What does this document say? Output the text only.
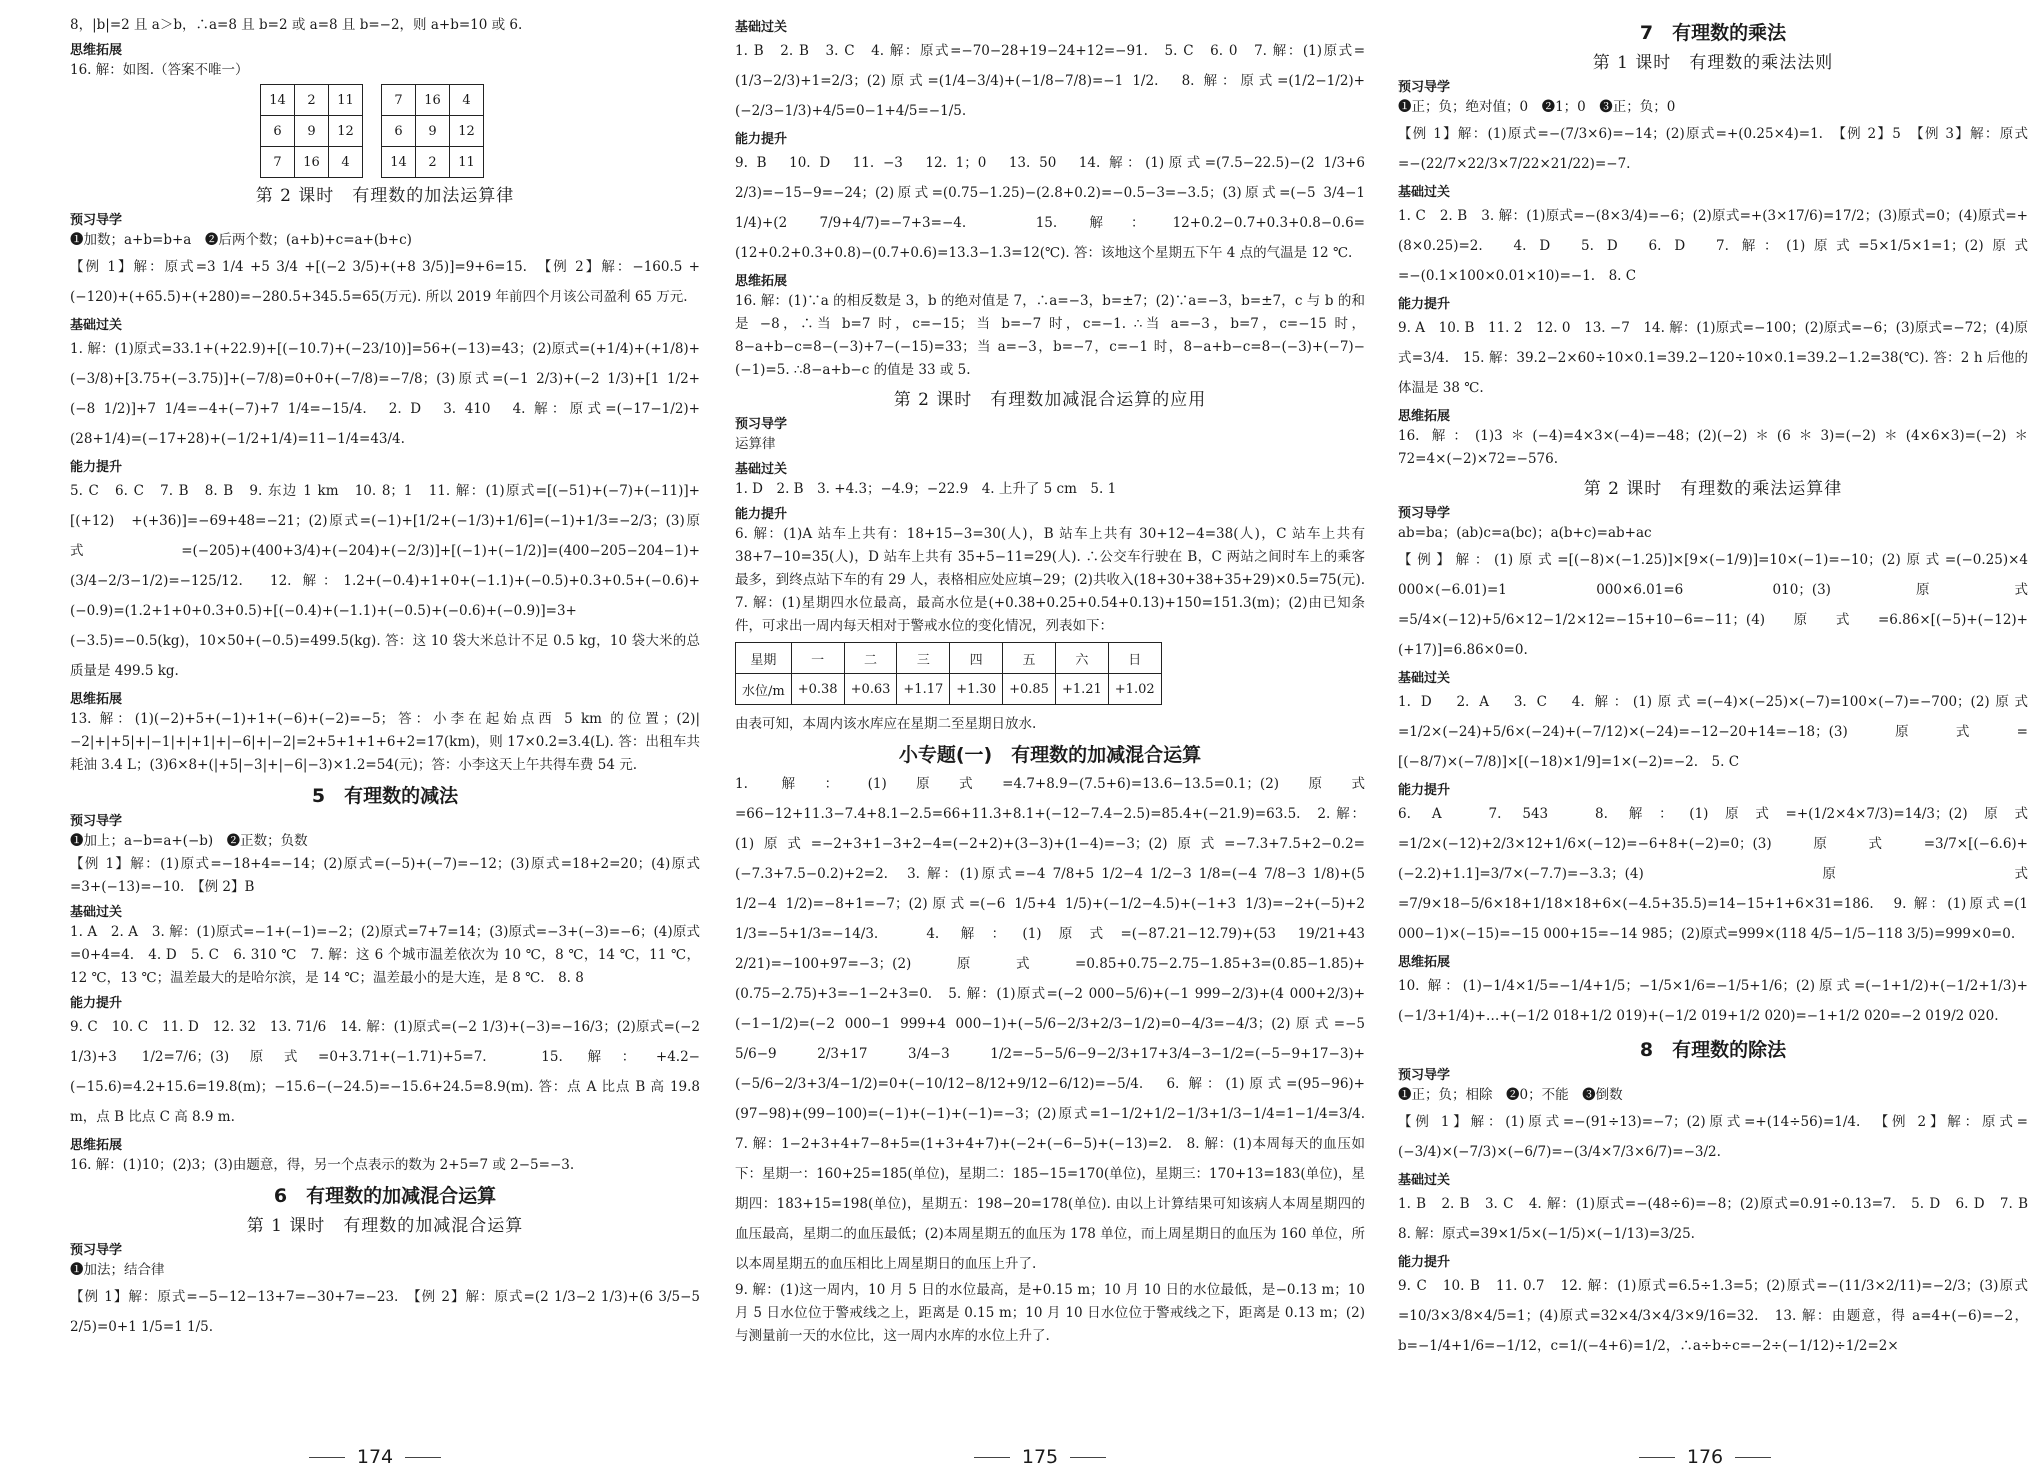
8，|b|=2 且 a＞b，∴a=8 且 b=2 或 a=8 且 b=−2，则 a+b=10 或 6.
思维拓展
16. 解：如图.（答案不唯一）
14	2	11
6	9	12
7	16	4
7	16	4
6	9	12
14	2	11
第 2 课时　有理数的加法运算律
预习导学
❶加数；a+b=b+a　❷后两个数；(a+b)+c=a+(b+c)
【例 1】解：原式=3 1/4 +5 3/4 +[(−2 3/5)+(+8 3/5)]=9+6=15.　【例 2】解：−160.5 +(−120)+(+65.5)+(+280)=−280.5+345.5=65(万元). 所以 2019 年前四个月该公司盈利 65 万元.
基础过关
1. 解：(1)原式=33.1+(+22.9)+[(−10.7)+(−23/10)]=56+(−13)=43；(2)原式=(+1/4)+(+1/8)+(−3/8)+[3.75+(−3.75)]+(−7/8)=0+0+(−7/8)=−7/8；(3)原式=(−1 2/3)+(−2 1/3)+[1 1/2+(−8 1/2)]+7 1/4=−4+(−7)+7 1/4=−15/4.　2. D　3. 410　4. 解：原式=(−17−1/2)+(28+1/4)=(−17+28)+(−1/2+1/4)=11−1/4=43/4.
能力提升
5. C　6. C　7. B　8. B　9. 东边 1 km　10. 8；1　11. 解：(1)原式=[(−51)+(−7)+(−11)]+[(+12)　+(+36)]=−69+48=−21；(2)原式=(−1)+[1/2+(−1/3)+1/6]=(−1)+1/3=−2/3；(3)原式=(−205)+(400+3/4)+(−204)+(−2/3)]+[(−1)+(−1/2)]=(400−205−204−1)+(3/4−2/3−1/2)=−125/12.　12. 解：1.2+(−0.4)+1+0+(−1.1)+(−0.5)+0.3+0.5+(−0.6)+(−0.9)=(1.2+1+0+0.3+0.5)+[(−0.4)+(−1.1)+(−0.5)+(−0.6)+(−0.9)]=3+(−3.5)=−0.5(kg)，10×50+(−0.5)=499.5(kg). 答：这 10 袋大米总计不足 0.5 kg，10 袋大米的总质量是 499.5 kg.
思维拓展
13. 解：(1)(−2)+5+(−1)+1+(−6)+(−2)=−5；答：小李在起始点西 5 km 的位置；(2)|−2|+|+5|+|−1|+|+1|+|−6|+|−2|=2+5+1+1+6+2=17(km)，则 17×0.2=3.4(L). 答：出租车共耗油 3.4 L；(3)6×8+(|+5|−3|+|−6|−3)×1.2=54(元)；答：小李这天上午共得车费 54 元.
5　有理数的减法
预习导学
❶加上；a−b=a+(−b)　❷正数；负数
【例 1】解：(1)原式=−18+4=−14；(2)原式=(−5)+(−7)=−12；(3)原式=18+2=20；(4)原式=3+(−13)=−10.　【例 2】B
基础过关
1. A　2. A　3. 解：(1)原式=−1+(−1)=−2；(2)原式=7+7=14；(3)原式=−3+(−3)=−6；(4)原式=0+4=4.　4. D　5. C　6. 310 ℃　7. 解：这 6 个城市温差依次为 10 ℃，8 ℃，14 ℃，11 ℃，12 ℃，13 ℃；温差最大的是哈尔滨，是 14 ℃；温差最小的是大连，是 8 ℃.　8. 8
能力提升
9. C　10. C　11. D　12. 32　13. 71/6　14. 解：(1)原式=(−2 1/3)+(−3)=−16/3；(2)原式=(−2 1/3)+3 1/2=7/6；(3)原式=0+3.71+(−1.71)+5=7.　15. 解：+4.2−(−15.6)=4.2+15.6=19.8(m)；−15.6−(−24.5)=−15.6+24.5=8.9(m). 答：点 A 比点 B 高 19.8 m，点 B 比点 C 高 8.9 m.
思维拓展
16. 解：(1)10；(2)3；(3)由题意，得，另一个点表示的数为 2+5=7 或 2−5=−3.
6　有理数的加减混合运算
第 1 课时　有理数的加减混合运算
预习导学
❶加法；结合律
【例 1】解：原式=−5−12−13+7=−30+7=−23.　【例 2】解：原式=(2 1/3−2 1/3)+(6 3/5−5 2/5)=0+1 1/5=1 1/5.
基础过关
1. B　2. B　3. C　4. 解：原式=−70−28+19−24+12=−91.　5. C　6. 0　7. 解：(1)原式=(1/3−2/3)+1=2/3；(2)原式=(1/4−3/4)+(−1/8−7/8)=−1 1/2.　8. 解：原式=(1/2−1/2)+(−2/3−1/3)+4/5=0−1+4/5=−1/5.
能力提升
9. B　10. D　11. −3　12. 1；0　13. 50　14. 解：(1)原式=(7.5−22.5)−(2 1/3+6 2/3)=−15−9=−24；(2)原式=(0.75−1.25)−(2.8+0.2)=−0.5−3=−3.5；(3)原式=(−5 3/4−1 1/4)+(2 7/9+4/7)=−7+3=−4.　15. 解：12+0.2−0.7+0.3+0.8−0.6=(12+0.2+0.3+0.8)−(0.7+0.6)=13.3−1.3=12(℃). 答：该地这个星期五下午 4 点的气温是 12 ℃.
思维拓展
16. 解：(1)∵a 的相反数是 3，b 的绝对值是 7，∴a=−3，b=±7；(2)∵a=−3，b=±7，c 与 b 的和是 −8，∴当 b=7 时，c=−15；当 b=−7 时，c=−1. ∴当 a=−3，b=7，c=−15 时，8−a+b−c=8−(−3)+7−(−15)=33；当 a=−3，b=−7，c=−1 时，8−a+b−c=8−(−3)+(−7)−(−1)=5. ∴8−a+b−c 的值是 33 或 5.
第 2 课时　有理数加减混合运算的应用
预习导学
运算律
基础过关
1. D　2. B　3. +4.3；−4.9；−22.9　4. 上升了 5 cm　5. 1
能力提升
6. 解：(1)A 站车上共有：18+15−3=30(人)，B 站车上共有 30+12−4=38(人)，C 站车上共有 38+7−10=35(人)，D 站车上共有 35+5−11=29(人). ∴公交车行驶在 B，C 两站之间时车上的乘客最多，到终点站下车的有 29 人，表格相应处应填−29；(2)共收入(18+30+38+35+29)×0.5=75(元).　7. 解：(1)星期四水位最高，最高水位是(+0.38+0.25+0.54+0.13)+150=151.3(m)；(2)由已知条件，可求出一周内每天相对于警戒水位的变化情况，列表如下：
星期	一	二	三	四	五	六	日
水位/m	+0.38	+0.63	+1.17	+1.30	+0.85	+1.21	+1.02
由表可知，本周内该水库应在星期二至星期日放水.
小专题(一)　有理数的加减混合运算
1. 解：(1)原式=4.7+8.9−(7.5+6)=13.6−13.5=0.1；(2)原式=66−12+11.3−7.4+8.1−2.5=66+11.3+8.1+(−12−7.4−2.5)=85.4+(−21.9)=63.5.　2. 解：(1)原式=−2+3+1−3+2−4=(−2+2)+(3−3)+(1−4)=−3；(2)原式=−7.3+7.5+2−0.2=(−7.3+7.5−0.2)+2=2.　3. 解：(1)原式=−4 7/8+5 1/2−4 1/2−3 1/8=(−4 7/8−3 1/8)+(5 1/2−4 1/2)=−8+1=−7；(2)原式=(−6 1/5+4 1/5)+(−1/2−4.5)+(−1+3 1/3)=−2+(−5)+2 1/3=−5+1/3=−14/3.　4. 解：(1)原式=(−87.21−12.79)+(53 19/21+43 2/21)=−100+97=−3；(2)原式=0.85+0.75−2.75−1.85+3=(0.85−1.85)+(0.75−2.75)+3=−1−2+3=0.　5. 解：(1)原式=(−2 000−5/6)+(−1 999−2/3)+(4 000+2/3)+(−1−1/2)=(−2 000−1 999+4 000−1)+(−5/6−2/3+2/3−1/2)=0−4/3=−4/3；(2)原式=−5 5/6−9 2/3+17 3/4−3 1/2=−5−5/6−9−2/3+17+3/4−3−1/2=(−5−9+17−3)+(−5/6−2/3+3/4−1/2)=0+(−10/12−8/12+9/12−6/12)=−5/4.　6. 解：(1)原式=(95−96)+(97−98)+(99−100)=(−1)+(−1)+(−1)=−3；(2)原式=1−1/2+1/2−1/3+1/3−1/4=1−1/4=3/4.　7. 解：1−2+3+4+7−8+5=(1+3+4+7)+(−2+(−6−5)+(−13)=2.　8. 解：(1)本周每天的血压如下：星期一：160+25=185(单位)，星期二：185−15=170(单位)，星期三：170+13=183(单位)，星期四：183+15=198(单位)，星期五：198−20=178(单位). 由以上计算结果可知该病人本周星期四的血压最高，星期二的血压最低；(2)本周星期五的血压为 178 单位，而上周星期日的血压为 160 单位，所以本周星期五的血压相比上周星期日的血压上升了.
9. 解：(1)这一周内，10 月 5 日的水位最高，是+0.15 m；10 月 10 日的水位最低，是−0.13 m；10 月 5 日水位位于警戒线之上，距离是 0.15 m；10 月 10 日水位位于警戒线之下，距离是 0.13 m；(2)与测量前一天的水位比，这一周内水库的水位上升了.
7　有理数的乘法
第 1 课时　有理数的乘法法则
预习导学
❶正；负；绝对值；0　❷1；0　❸正；负；0
【例 1】解：(1)原式=−(7/3×6)=−14；(2)原式=+(0.25×4)=1.　【例 2】5　【例 3】解：原式=−(22/7×22/3×7/22×21/22)=−7.
基础过关
1. C　2. B　3. 解：(1)原式=−(8×3/4)=−6；(2)原式=+(3×17/6)=17/2；(3)原式=0；(4)原式=+(8×0.25)=2.　4. D　5. D　6. D　7. 解：(1)原式=5×1/5×1=1；(2)原式=−(0.1×100×0.01×10)=−1.　8. C
能力提升
9. A　10. B　11. 2　12. 0　13. −7　14. 解：(1)原式=−100；(2)原式=−6；(3)原式=−72；(4)原式=3/4.　15. 解：39.2−2×60÷10×0.1=39.2−120÷10×0.1=39.2−1.2=38(℃). 答：2 h 后他的体温是 38 ℃.
思维拓展
16. 解：(1)3＊(−4)=4×3×(−4)=−48；(2)(−2)＊(6＊3)=(−2)＊(4×6×3)=(−2)＊72=4×(−2)×72=−576.
第 2 课时　有理数的乘法运算律
预习导学
ab=ba；(ab)c=a(bc)；a(b+c)=ab+ac
【例】解：(1)原式=[(−8)×(−1.25)]×[9×(−1/9)]=10×(−1)=−10；(2)原式=(−0.25)×4 000×(−6.01)=1 000×6.01=6 010；(3)原式=5/4×(−12)+5/6×12−1/2×12=−15+10−6=−11；(4)原式=6.86×[(−5)+(−12)+(+17)]=6.86×0=0.
基础过关
1. D　2. A　3. C　4. 解：(1)原式=(−4)×(−25)×(−7)=100×(−7)=−700；(2)原式=1/2×(−24)+5/6×(−24)+(−7/12)×(−24)=−12−20+14=−18；(3)原式=[(−8/7)×(−7/8)]×[(−18)×1/9]=1×(−2)=−2.　5. C
能力提升
6. A　7. 543　8. 解：(1)原式=+(1/2×4×7/3)=14/3；(2)原式=1/2×(−12)+2/3×12+1/6×(−12)=−6+8+(−2)=0；(3)原式=3/7×[(−6.6)+(−2.2)+1.1]=3/7×(−7.7)=−3.3；(4)原式=7/9×18−5/6×18+1/18×18+6×(−4.5+35.5)=14−15+1+6×31=186.　9. 解：(1)原式=(1 000−1)×(−15)=−15 000+15=−14 985；(2)原式=999×(118 4/5−1/5−118 3/5)=999×0=0.
思维拓展
10. 解：(1)−1/4×1/5=−1/4+1/5；−1/5×1/6=−1/5+1/6；(2)原式=(−1+1/2)+(−1/2+1/3)+(−1/3+1/4)+…+(−1/2 018+1/2 019)+(−1/2 019+1/2 020)=−1+1/2 020=−2 019/2 020.
8　有理数的除法
预习导学
❶正；负；相除　❷0；不能　❸倒数
【例 1】解：(1)原式=−(91÷13)=−7；(2)原式=+(14÷56)=1/4.　【例 2】解：原式=(−3/4)×(−7/3)×(−6/7)=−(3/4×7/3×6/7)=−3/2.
基础过关
1. B　2. B　3. C　4. 解：(1)原式=−(48÷6)=−8；(2)原式=0.91÷0.13=7.　5. D　6. D　7. B　8. 解：原式=39×1/5×(−1/5)×(−1/13)=3/25.
能力提升
9. C　10. B　11. 0.7　12. 解：(1)原式=6.5÷1.3=5；(2)原式=−(11/3×2/11)=−2/3；(3)原式=10/3×3/8×4/5=1；(4)原式=32×4/3×4/3×9/16=32.　13. 解：由题意，得 a=4+(−6)=−2，b=−1/4+1/6=−1/12，c=1/(−4+6)=1/2，∴a÷b÷c=−2÷(−1/12)÷1/2=2×
174	175	176
